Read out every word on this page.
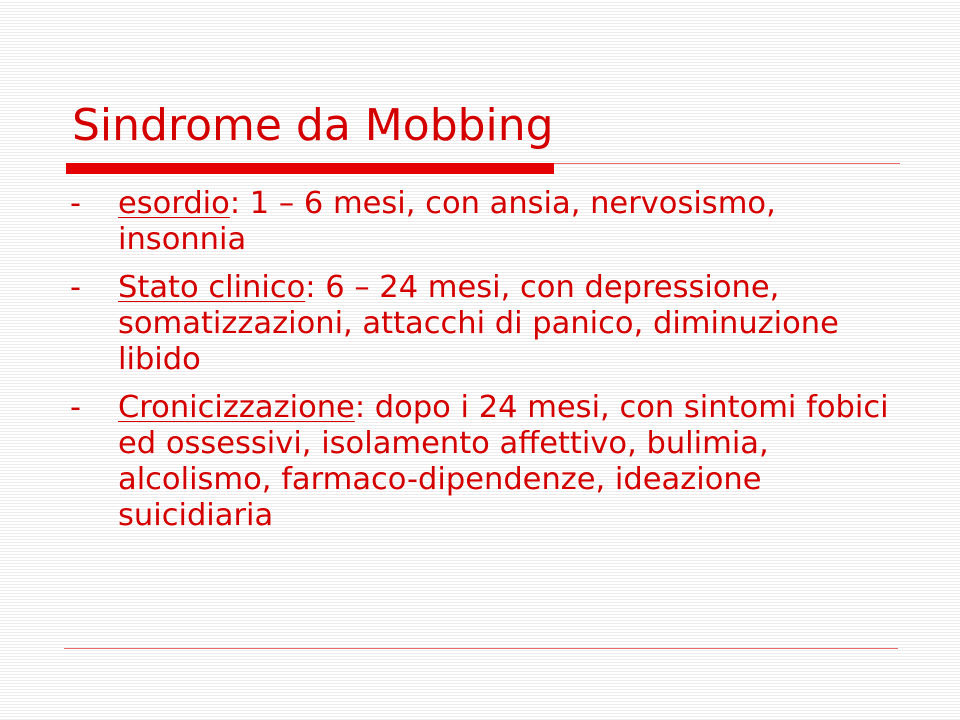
Sindrome da Mobbing
- esordio: 1 – 6 mesi, con ansia, nervosismo, insonnia
- Stato clinico: 6 – 24 mesi, con depressione, somatizzazioni, attacchi di panico, diminuzione libido
- Cronicizzazione: dopo i 24 mesi, con sintomi fobici ed ossessivi, isolamento affettivo, bulimia, alcolismo, farmaco-dipendenze, ideazione suicidiaria
